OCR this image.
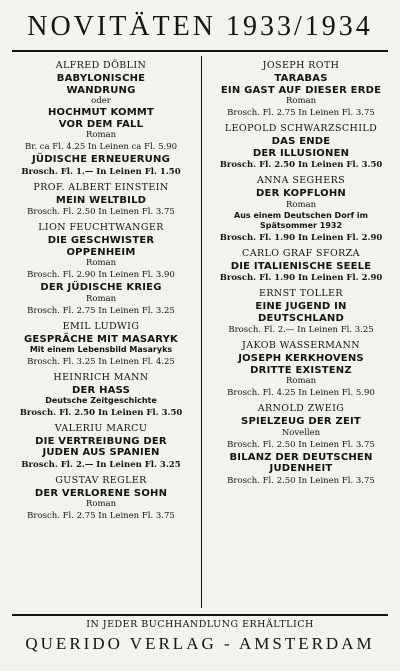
NOVITÄTEN 1933/1934
ALFRED DÖBLIN
BABYLONISCHE
WANDRUNG
oder
HOCHMUT KOMMT
VOR DEM FALL
Roman
Br. ca Fl. 4.25 In Leinen ca Fl. 5.90
JÜDISCHE ERNEUERUNG
Brosch. Fl. 1.— In Leinen Fl. 1.50
PROF. ALBERT EINSTEIN
MEIN WELTBILD
Brosch. Fl. 2.50 In Leinen Fl. 3.75
LION FEUCHTWANGER
DIE GESCHWISTER
OPPENHEIM
Roman
Brosch. Fl. 2.90 In Leinen Fl. 3.90
DER JÜDISCHE KRIEG
Roman
Brosch. Fl. 2.75 In Leinen Fl. 3.25
EMIL LUDWIG
GESPRÄCHE MIT MASARYK
Mit einem Lebensbild Masaryks
Brosch. Fl. 3.25 In Leinen Fl. 4.25
HEINRICH MANN
DER HASS
Deutsche Zeitgeschichte
Brosch. Fl. 2.50 In Leinen Fl. 3.50
VALERIU MARCU
DIE VERTREIBUNG DER
JUDEN AUS SPANIEN
Brosch. Fl. 2.— In Leinen Fl. 3.25
GUSTAV REGLER
DER VERLORENE SOHN
Roman
Brosch. Fl. 2.75 In Leinen Fl. 3.75
JOSEPH ROTH
TARABAS
EIN GAST AUF DIESER ERDE
Roman
Brosch. Fl. 2.75 In Leinen Fl. 3.75
LEOPOLD SCHWARZSCHILD
DAS ENDE
DER ILLUSIONEN
Brosch. Fl. 2.50 In Leinen Fl. 3.50
ANNA SEGHERS
DER KOPFLOHN
Roman
Aus einem Deutschen Dorf im
Spätsommer 1932
Brosch. Fl. 1.90 In Leinen Fl. 2.90
CARLO GRAF SFORZA
DIE ITALIENISCHE SEELE
Brosch. Fl. 1.90 In Leinen Fl. 2.90
ERNST TOLLER
EINE JUGEND IN
DEUTSCHLAND
Brosch. Fl. 2.— In Leinen Fl. 3.25
JAKOB WASSERMANN
JOSEPH KERKHOVENS
DRITTE EXISTENZ
Roman
Brosch. Fl. 4.25 In Leinen Fl. 5.90
ARNOLD ZWEIG
SPIELZEUG DER ZEIT
Novellen
Brosch. Fl. 2.50 In Leinen Fl. 3.75
BILANZ DER DEUTSCHEN
JUDENHEIT
Brosch. Fl. 2.50 In Leinen Fl. 3.75
IN JEDER BUCHHANDLUNG ERHÄLTLICH
QUERIDO VERLAG - AMSTERDAM
